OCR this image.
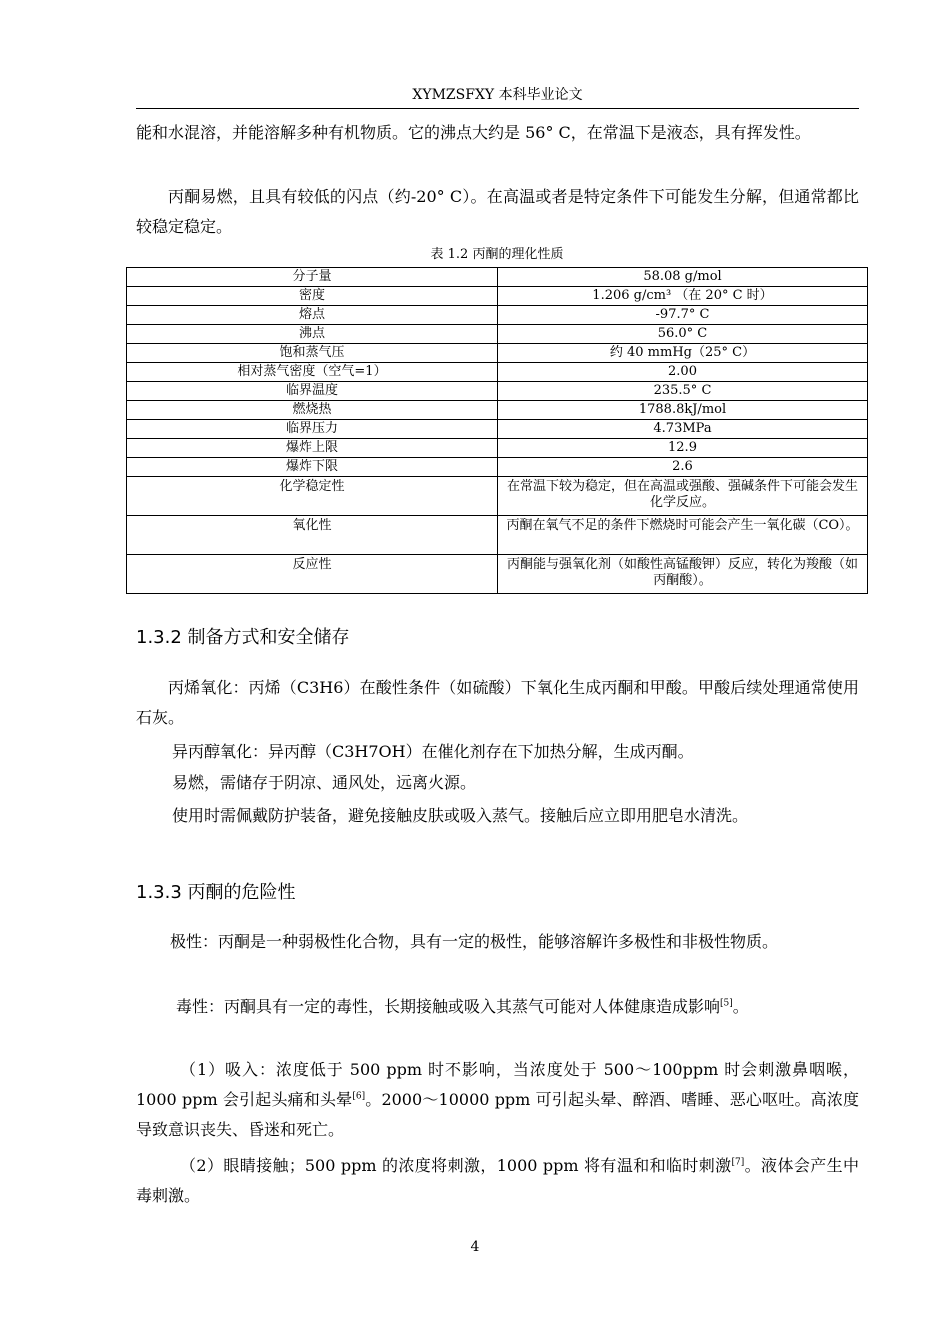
XYMZSFXY 本科毕业论文

能和水混溶，并能溶解多种有机物质。它的沸点大约是 56° C，在常温下是液态，具有挥发性。

丙酮易燃，且具有较低的闪点（约-20° C）。在高温或者是特定条件下可能发生分解，但通常都比较稳定稳定。

表 1.2 丙酮的理化性质
分子量	58.08 g/mol
密度	1.206 g/cm³ （在 20° C 时）
熔点	-97.7° C
沸点	56.0° C
饱和蒸气压	约 40 mmHg（25° C）
相对蒸气密度（空气=1）	2.00
临界温度	235.5° C
燃烧热	1788.8kJ/mol
临界压力	4.73MPa
爆炸上限	12.9
爆炸下限	2.6
化学稳定性	在常温下较为稳定，但在高温或强酸、强碱条件下可能会发生化学反应。
氧化性	丙酮在氧气不足的条件下燃烧时可能会产生一氧化碳（CO）。
反应性	丙酮能与强氧化剂（如酸性高锰酸钾）反应，转化为羧酸（如丙酮酸）。
1.3.2 制备方式和安全储存

丙烯氧化：丙烯（C3H6）在酸性条件（如硫酸）下氧化生成丙酮和甲酸。甲酸后续处理通常使用石灰。

异丙醇氧化：异丙醇（C3H7OH）在催化剂存在下加热分解，生成丙酮。

易燃，需储存于阴凉、通风处，远离火源。

使用时需佩戴防护装备，避免接触皮肤或吸入蒸气。接触后应立即用肥皂水清洗。

1.3.3 丙酮的危险性

极性：丙酮是一种弱极性化合物，具有一定的极性，能够溶解许多极性和非极性物质。

毒性：丙酮具有一定的毒性，长期接触或吸入其蒸气可能对人体健康造成影响[5]。

（1）吸入：浓度低于 500 ppm 时不影响，当浓度处于 500～100ppm 时会刺激鼻咽喉，1000 ppm 会引起头痛和头晕[6]。2000～10000 ppm 可引起头晕、醉酒、嗜睡、恶心呕吐。高浓度导致意识丧失、昏迷和死亡。

（2）眼睛接触；500 ppm 的浓度将刺激，1000 ppm 将有温和和临时刺激[7]。液体会产生中毒刺激。

4
